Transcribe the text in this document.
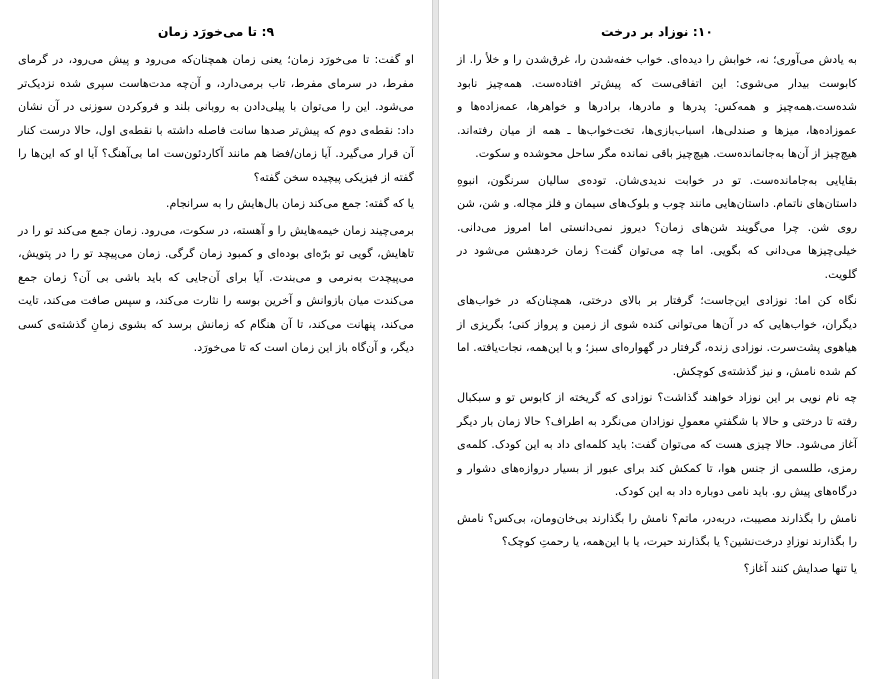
۹: تا می‌خورَد زمان

او گفت: تا می‌خورَد زمان؛ یعنی زمان همچنان‌که می‌رود و پیش می‌رود، در گرمای مفرط، در سرمای مفرط، تاب برمی‌دارد، و آن‌چه مدت‌هاست سپری شده نزدیک‌تر می‌شود. این را می‌توان با پیلی‌دادن به روبانی بلند و فروکردن سوزنی در آن نشان داد: نقطه‌ی دوم که پیش‌تر صدها سانت فاصله داشته با نقطه‌ی اول، حالا درست کنار آن قرار می‌گیرد. آیا زمان/فضا هم مانند آکاردئون‌ست اما بی‌آهنگ؟ آیا او که این‌ها را گفته از فیزیکی پیچیده سخن گفته؟

یا که گفته: جمع می‌کند زمان بال‌هایش را به سرانجام.

برمی‌چیند زمان خیمه‌هایش را و آهسته، در سکوت، می‌رود. زمان جمع می‌کند تو را در تاهایش، گویی تو برّه‌ای بوده‌ای و کمبود زمان گرگی. زمان می‌پیچد تو را در پتویش، می‌پیچدت به‌نرمی و می‌بندت. آیا برای آن‌جایی که باید باشی بی آن؟ زمان جمع می‌کندت میان بازوانش و آخرین بوسه را نثارت می‌کند، و سپس صافت می‌کند، تایت می‌کند، پنهانت می‌کند، تا آن هنگام که زمانش برسد که بشوی زمانِ گذشته‌ی کسی دیگر، و آن‌گاه باز این زمان است که تا می‌خورَد.

۱۰: نوزاد بر درخت

به یادش می‌آوری؛ نه، خوابش را دیده‌ای. خواب خفه‌شدن را، غرق‌شدن را و خلأ را. از کابوست بیدار می‌شوی: این اتفاقی‌ست که پیش‌تر افتاده‌ست. همه‌چیز نابود شده‌ست.همه‌چیز و همه‌کس: پدرها و مادرها، برادرها و خواهرها، عمه‌زاده‌ها و عموزاده‌ها، میزها و صندلی‌ها، اسباب‌بازی‌ها، تخت‌خواب‌ها ـ همه از میان رفته‌اند. هیچ‌چیز از آن‌ها به‌جانمانده‌ست. هیچ‌چیز باقی نمانده مگر ساحل محوشده و سکوت.

بقایایی به‌جامانده‌ست. تو در خوابت ندیدی‌شان. توده‌ی سالیان سرنگون، انبوهِ داستان‌های ناتمام. داستان‌هایی مانند چوب و بلوک‌های سیمان و فلز مچاله. و شن، شن روی شن. چرا می‌گویند شن‌های زمان؟ دیروز نمی‌دانستی اما امروز می‌دانی. خیلی‌چیزها می‌دانی که بگویی. اما چه می‌توان گفت؟ زمان خردهشن می‌شود در گلویت.

نگاه کن اما: نوزادی این‌جاست؛ گرفتار بر بالای درختی، همچنان‌که در خواب‌های دیگران، خواب‌هایی که در آن‌ها می‌توانی کنده شوی از زمین و پرواز کنی؛ بگریزی از هیاهوی پشت‌سرت. نوزادی زنده، گرفتار در گهواره‌ای سبز؛ و با این‌همه، نجات‌یافته. اما کم شده نامش، و نیز گذشته‌ی کوچکش.

چه نام نویی بر این نوزاد خواهند گذاشت؟ نوزادی که گریخته از کابوس تو و سبکبال رفته تا درختی و حالا با شگفتیِ معمولِ نوزادان می‌نگرد به اطراف؟ حالا زمان بار دیگر آغاز می‌شود. حالا چیزی هست که می‌توان گفت: باید کلمه‌ای داد به این کودک. کلمه‌ی رمزی، طلسمی از جنس هوا، تا کمکش کند برای عبور از بسیار دروازه‌های دشوار و درگاه‌های پیش رو. باید نامی دوباره داد به این کودک.

نامش را بگذارند مصیبت، دربه‌در، ماتم؟ نامش را بگذارند بی‌خان‌ومان، بی‌کس؟ نامش را بگذارند نوزادِ درخت‌نشین؟ یا بگذارند حیرت، یا با این‌همه، یا رحمتِ کوچک؟

یا تنها صدایش کنند آغاز؟
